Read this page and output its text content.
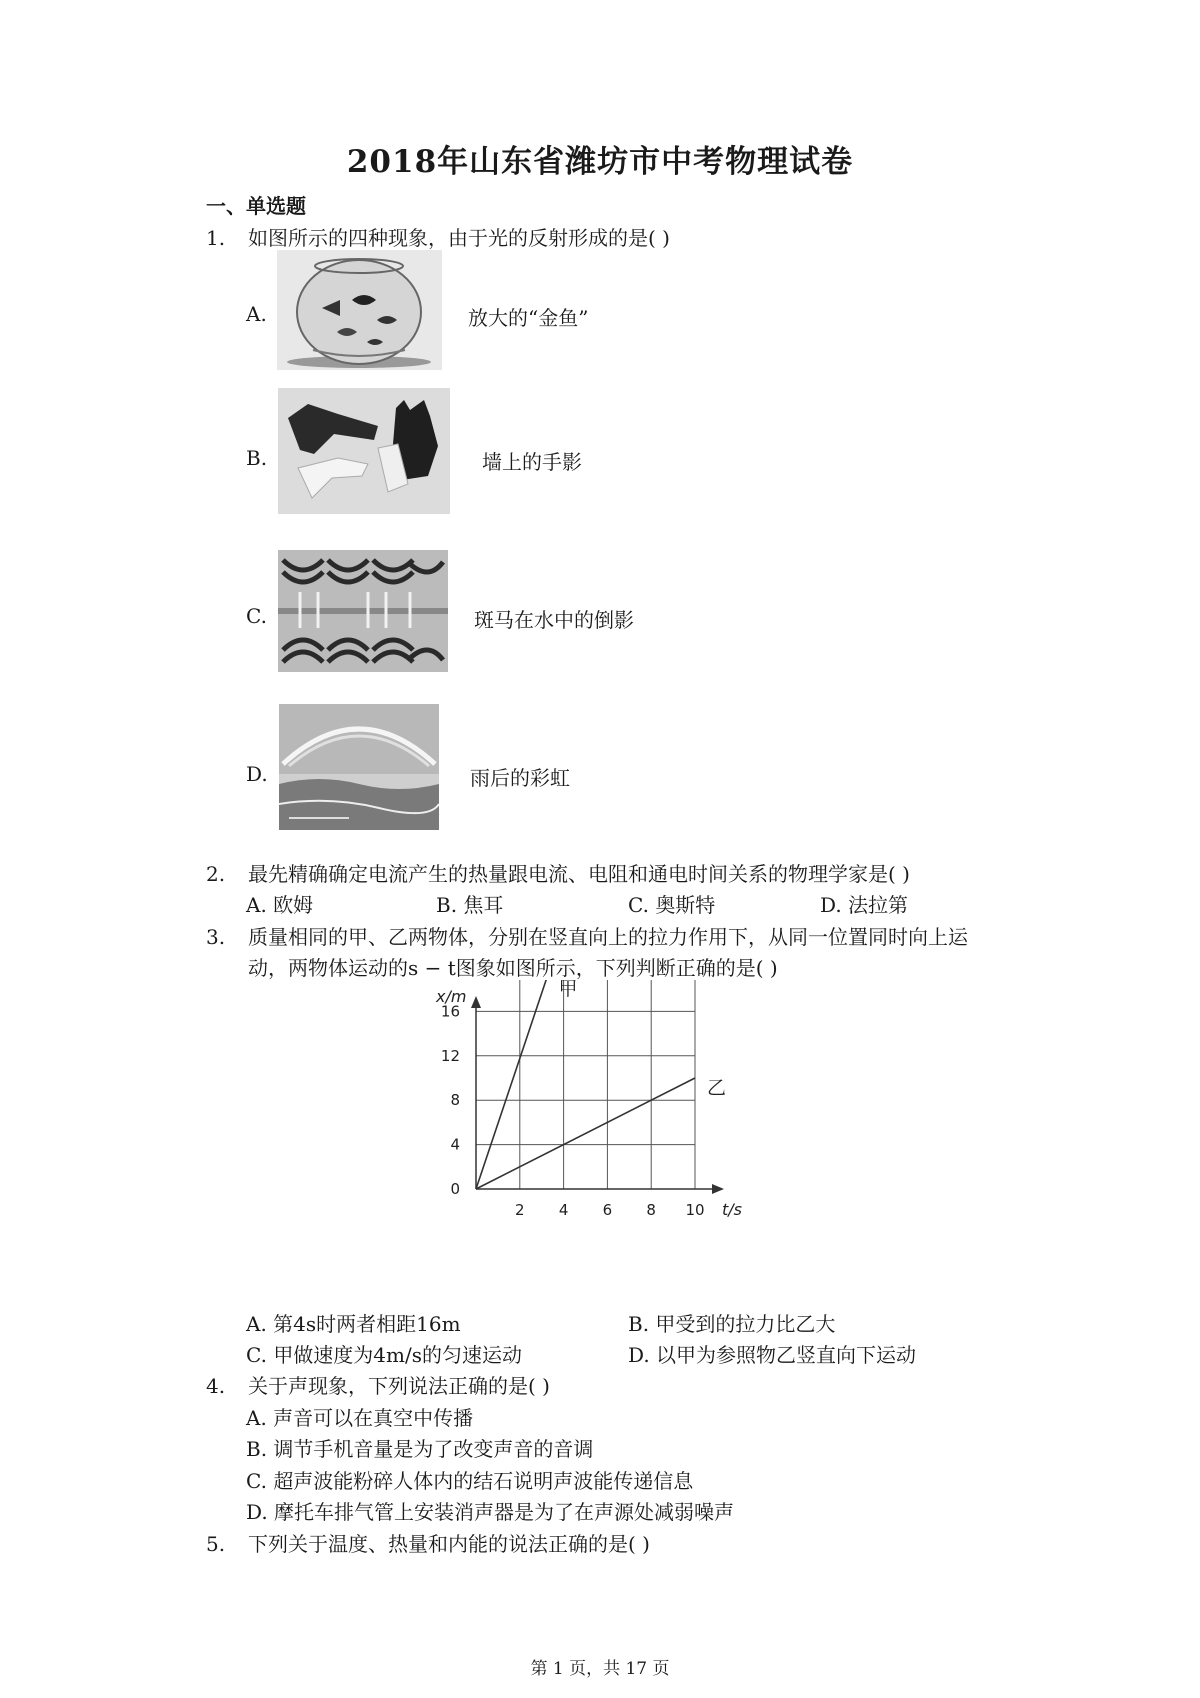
2018年山东省潍坊市中考物理试卷
一、单选题
1. 如图所示的四种现象，由于光的反射形成的是( )
A.	放大的“金鱼”
B.	墙上的手影
C.	斑马在水中的倒影
D.	雨后的彩虹
2. 最先精确确定电流产生的热量跟电流、电阻和通电时间关系的物理学家是( )
A. 欧姆	B. 焦耳	C. 奥斯特	D. 法拉第
3. 质量相同的甲、乙两物体，分别在竖直向上的拉力作用下，从同一位置同时向上运
动，两物体运动的s − t图象如图所示，下列判断正确的是( )
0
4
8
12
16
2 4 6 8 10
x/m
t/s
甲
乙
A. 第4s时两者相距16m	B. 甲受到的拉力比乙大
C. 甲做速度为4m/s的匀速运动	D. 以甲为参照物乙竖直向下运动
4. 关于声现象，下列说法正确的是( )
A. 声音可以在真空中传播
B. 调节手机音量是为了改变声音的音调
C. 超声波能粉碎人体内的结石说明声波能传递信息
D. 摩托车排气管上安装消声器是为了在声源处减弱噪声
5. 下列关于温度、热量和内能的说法正确的是( )
第 1 页，共 17 页
